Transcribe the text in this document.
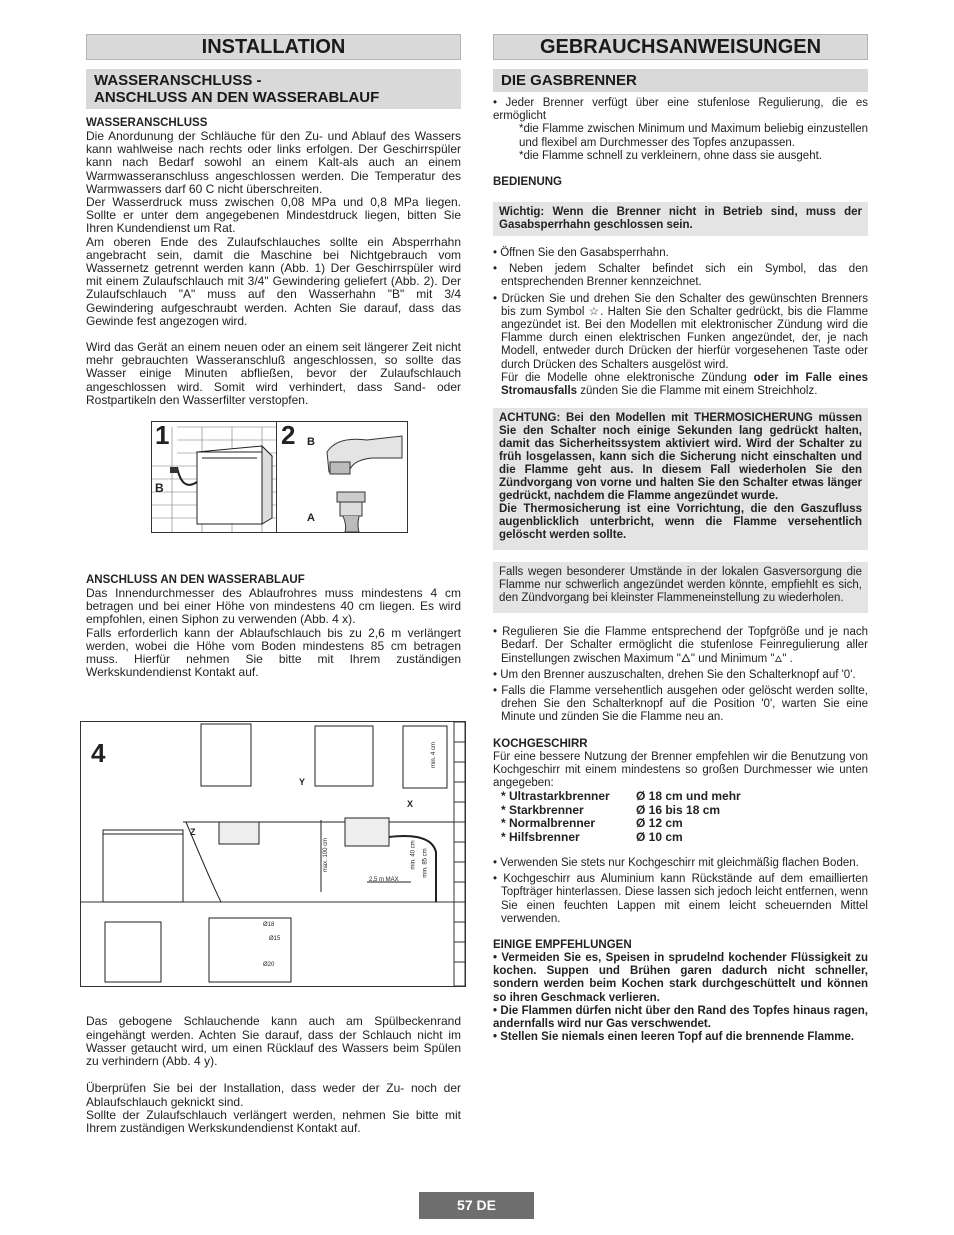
INSTALLATION
WASSERANSCHLUSS -
ANSCHLUSS AN DEN WASSERABLAUF
WASSERANSCHLUSS
Die Anordunung der Schläuche für den Zu- und Ablauf des Wassers kann wahlweise nach rechts oder links erfolgen. Der Geschirrspüler kann nach Bedarf sowohl an einem Kalt-als auch an einem Warmwasseranschluss angeschlossen werden. Die Temperatur des Warmwassers darf 60 C nicht überschreiten.
Der Wasserdruck muss zwischen 0,08 MPa und 0,8 MPa liegen. Sollte er unter dem angegebenen Mindestdruck liegen, bitten Sie Ihren Kundendienst um Rat.
Am oberen Ende des Zulaufschlauches sollte ein Absperrhahn angebracht sein, damit die Maschine bei Nichtgebrauch vom Wassernetz getrennt werden kann (Abb. 1) Der Geschirrspüler wird mit einem Zulaufschlauch mit 3/4" Gewindering geliefert (Abb. 2). Der Zulaufschlauch "A" muss auf den Wasserhahn "B" mit 3/4 Gewindering aufgeschraubt werden. Achten Sie darauf, dass das Gewinde fest angezogen wird.
Wird das Gerät an einem neuen oder an einem seit längerer Zeit nicht mehr gebrauchten Wasseranschluß angeschlossen, so sollte das Wasser einige Minuten abfließen, bevor der Zulaufschlauch angeschlossen wird. Somit wird verhindert, dass Sand- oder Rostpartikeln den Wasserfilter verstopfen.
1
B
2 B
A
ANSCHLUSS AN DEN WASSERABLAUF
Das Innendurchmesser des Ablaufrohres muss mindestens 4 cm betragen und bei einer Höhe von mindestens 40 cm liegen. Es wird empfohlen, einen Siphon zu verwenden (Abb. 4 x).
Falls erforderlich kann der Ablaufschlauch bis zu 2,6 m verlängert werden, wobei die Höhe vom Boden mindestens 85 cm betragen muss. Hierfür nehmen Sie bitte mit Ihrem zuständigen Werkskundendienst Kontakt auf.
4
Y
X
Z
max. 100 cm	min. 40 cm min. 85 cm
min. 4 cm
2,5 m MAX
Ø18
Ø15
Ø20
Das gebogene Schlauchende kann auch am Spülbeckenrand eingehängt werden. Achten Sie darauf, dass der Schlauch nicht im Wasser getaucht wird, um einen Rücklauf des Wassers beim Spülen zu verhindern (Abb. 4 y).
Überprüfen Sie bei der Installation, dass weder der Zu- noch der Ablaufschlauch geknickt sind.
Sollte der Zulaufschlauch verlängert werden, nehmen Sie bitte mit Ihrem zuständigen Werkskundendienst Kontakt auf.
GEBRAUCHSANWEISUNGEN
DIE GASBRENNER
• Jeder Brenner verfügt über eine stufenlose Regulierung, die es ermöglicht
*die Flamme zwischen Minimum und Maximum beliebig einzustellen und flexibel am Durchmesser des Topfes anzupassen.
*die Flamme schnell zu verkleinern, ohne dass sie ausgeht.
BEDIENUNG
Wichtig: Wenn die Brenner nicht in Betrieb sind, muss der Gasabsperrhahn geschlossen sein.
• Öffnen Sie den Gasabsperrhahn.
• Neben jedem Schalter befindet sich ein Symbol, das den entsprechenden Brenner kennzeichnet.
• Drücken Sie und drehen Sie den Schalter des gewünschten Brenners bis zum Symbol ☆. Halten Sie den Schalter gedrückt, bis die Flamme angezündet ist. Bei den Modellen mit elektronischer Zündung wird die Flamme durch einen elektrischen Funken angezündet, der, je nach Modell, entweder durch Drücken der hierfür vorgesehenen Taste oder durch Drücken des Schalters ausgelöst wird.
Für die Modelle ohne elektronische Zündung oder im Falle eines Stromausfalls zünden Sie die Flamme mit einem Streichholz.
ACHTUNG: Bei den Modellen mit THERMOSICHERUNG müssen Sie den Schalter noch einige Sekunden lang gedrückt halten, damit das Sicherheitssystem aktiviert wird. Wird der Schalter zu früh losgelassen, kann sich die Sicherung nicht einschalten und die Flamme geht aus. In diesem Fall wiederholen Sie den Zündvorgang von vorne und halten Sie den Schalter etwas länger gedrückt, nachdem die Flamme angezündet wurde.
Die Thermosicherung ist eine Vorrichtung, die den Gaszufluss augenblicklich unterbricht, wenn die Flamme versehentlich gelöscht werden sollte.
Falls wegen besonderer Umstände in der lokalen Gasversorgung die Flamme nur schwerlich angezündet werden könnte, empfiehlt es sich, den Zündvorgang bei kleinster Flammeneinstellung zu wiederholen.
• Regulieren Sie die Flamme entsprechend der Topfgröße und je nach Bedarf. Der Schalter ermöglicht die stufenlose Feinregulierung aller Einstellungen zwischen Maximum "🜂" und Minimum "🜂" .
• Um den Brenner auszuschalten, drehen Sie den Schalterknopf auf '0'.
• Falls die Flamme versehentlich ausgehen oder gelöscht werden sollte, drehen Sie den Schalterknopf auf die Position '0', warten Sie eine Minute und zünden Sie die Flamme neu an.
KOCHGESCHIRR
Für eine bessere Nutzung der Brenner empfehlen wir die Benutzung von Kochgeschirr mit einem mindestens so großen Durchmesser wie unten angegeben:
* Ultrastarkbrenner	Ø 18 cm und mehr
* Starkbrenner	Ø 16 bis 18 cm
* Normalbrenner	Ø 12 cm
* Hilfsbrenner	Ø 10 cm
• Verwenden Sie stets nur Kochgeschirr mit gleichmäßig flachen Boden.
• Kochgeschirr aus Aluminium kann Rückstände auf dem emaillierten Topfträger hinterlassen. Diese lassen sich jedoch leicht entfernen, wenn Sie einen feuchten Lappen mit einem leicht scheuernden Mittel verwenden.
EINIGE EMPFEHLUNGEN
• Vermeiden Sie es, Speisen in sprudelnd kochender Flüssigkeit zu kochen. Suppen und Brühen garen dadurch nicht schneller, sondern werden beim Kochen stark durchgeschüttelt und können so ihren Geschmack verlieren.
• Die Flammen dürfen nicht über den Rand des Topfes hinaus ragen, andernfalls wird nur Gas verschwendet.
• Stellen Sie niemals einen leeren Topf auf die brennende Flamme.
57 DE
